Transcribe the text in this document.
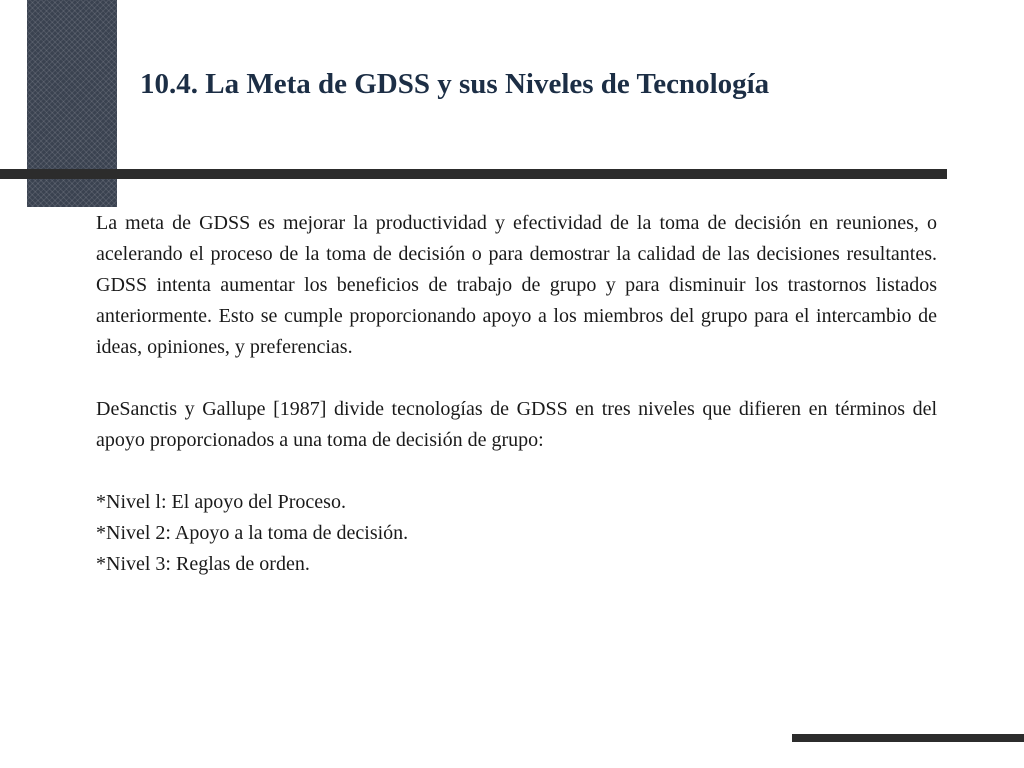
10.4. La Meta de GDSS y sus Niveles de Tecnología

La meta de GDSS es mejorar la productividad y efectividad de la toma de decisión en reuniones, o acelerando el proceso de la toma de decisión o para demostrar la calidad de las decisiones resultantes. GDSS intenta aumentar los beneficios de trabajo de grupo y para disminuir los trastornos listados anteriormente. Esto se cumple proporcionando apoyo a los miembros del grupo para el intercambio de ideas, opiniones, y preferencias.

DeSanctis y Gallupe [1987] divide tecnologías de GDSS en tres niveles que difieren en términos del apoyo proporcionados a una toma de decisión de grupo:

*Nivel l: El apoyo del Proceso.
*Nivel 2: Apoyo a la toma de decisión.
*Nivel 3: Reglas de orden.
